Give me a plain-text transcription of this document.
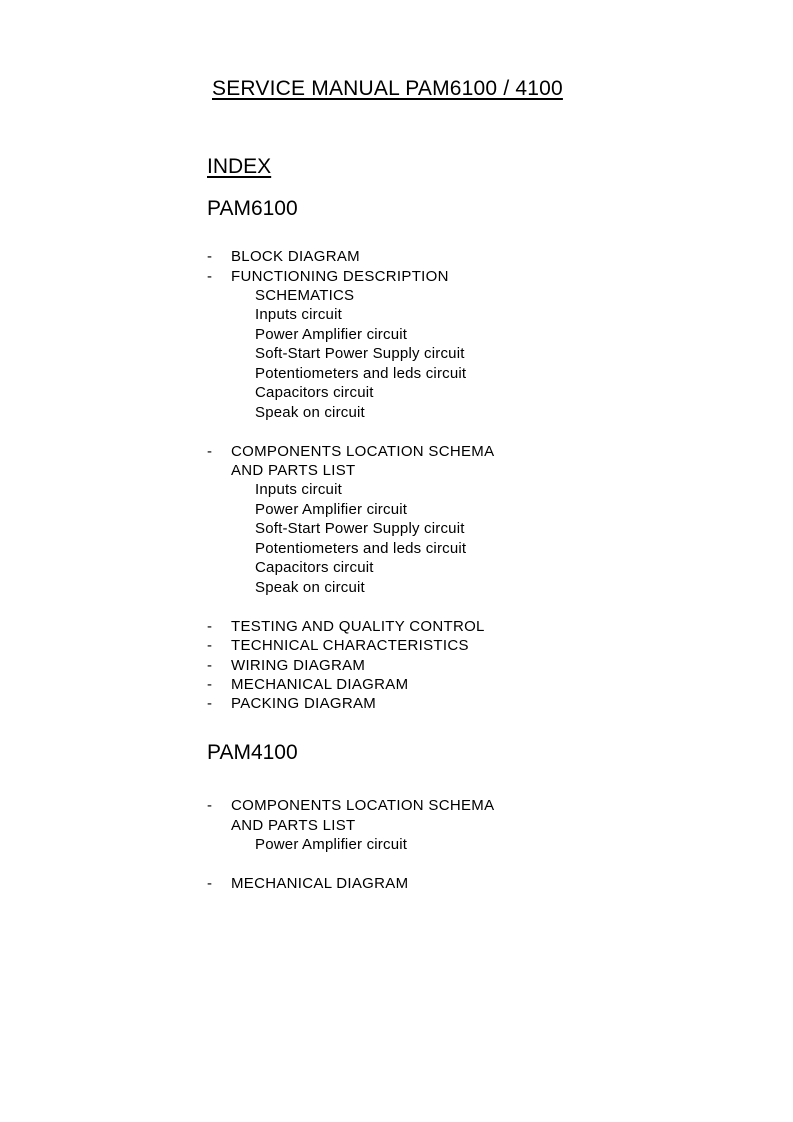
SERVICE MANUAL PAM6100 / 4100
INDEX
PAM6100
- BLOCK DIAGRAM
- FUNCTIONING DESCRIPTION
SCHEMATICS
Inputs circuit
Power Amplifier circuit
Soft-Start Power Supply circuit
Potentiometers and leds circuit
Capacitors circuit
Speak on circuit
- COMPONENTS LOCATION SCHEMA
AND PARTS LIST
Inputs circuit
Power Amplifier circuit
Soft-Start Power Supply circuit
Potentiometers and leds circuit
Capacitors circuit
Speak on circuit
- TESTING AND QUALITY CONTROL
- TECHNICAL CHARACTERISTICS
- WIRING DIAGRAM
- MECHANICAL DIAGRAM
- PACKING DIAGRAM
PAM4100
- COMPONENTS LOCATION SCHEMA
AND PARTS LIST
Power Amplifier circuit
- MECHANICAL DIAGRAM
